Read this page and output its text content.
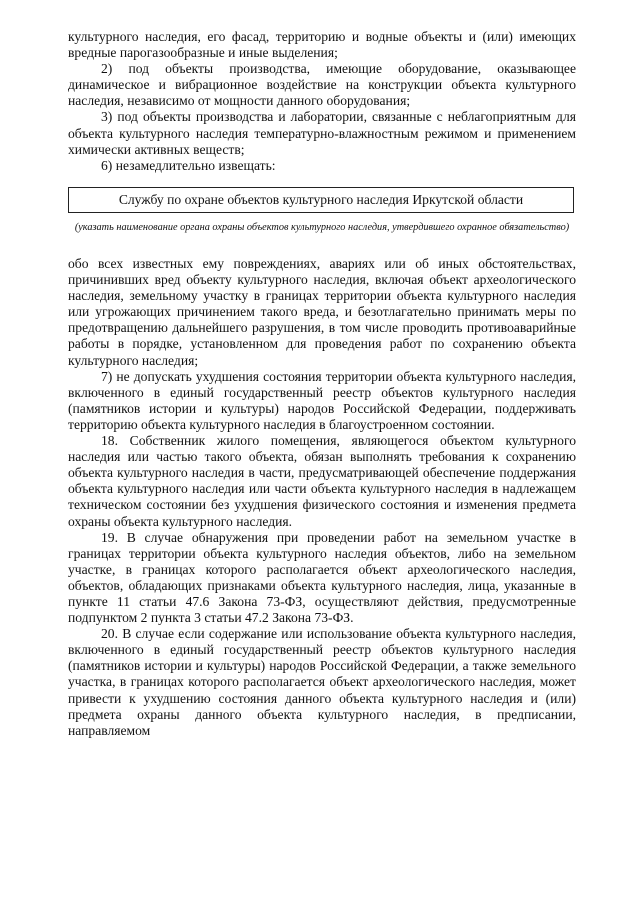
культурного наследия, его фасад, территорию и водные объекты и (или) имеющих вредные парогазообразные и иные выделения;

2) под объекты производства, имеющие оборудование, оказывающее динамическое и вибрационное воздействие на конструкции объекта культурного наследия, независимо от мощности данного оборудования;

3) под объекты производства и лаборатории, связанные с неблагоприятным для объекта культурного наследия температурно-влажностным режимом и применением химически активных веществ;

6) незамедлительно извещать:

Службу по охране объектов культурного наследия Иркутской области
(указать наименование органа охраны объектов культурного наследия, утвердившего охранное обязательство)

обо всех известных ему повреждениях, авариях или об иных обстоятельствах, причинивших вред объекту культурного наследия, включая объект археологического наследия, земельному участку в границах территории объекта культурного наследия или угрожающих причинением такого вреда, и безотлагательно принимать меры по предотвращению дальнейшего разрушения, в том числе проводить противоаварийные работы в порядке, установленном для проведения работ по сохранению объекта культурного наследия;

7) не допускать ухудшения состояния территории объекта культурного наследия, включенного в единый государственный реестр объектов культурного наследия (памятников истории и культуры) народов Российской Федерации, поддерживать территорию объекта культурного наследия в благоустроенном состоянии.

18. Собственник жилого помещения, являющегося объектом культурного наследия или частью такого объекта, обязан выполнять требования к сохранению объекта культурного наследия в части, предусматривающей обеспечение поддержания объекта культурного наследия или части объекта культурного наследия в надлежащем техническом состоянии без ухудшения физического состояния и изменения предмета охраны объекта культурного наследия.

19. В случае обнаружения при проведении работ на земельном участке в границах территории объекта культурного наследия объектов, либо на земельном участке, в границах которого располагается объект археологического наследия, объектов, обладающих признаками объекта культурного наследия, лица, указанные в пункте 11 статьи 47.6 Закона 73-ФЗ, осуществляют действия, предусмотренные подпунктом 2 пункта 3 статьи 47.2 Закона 73-ФЗ.

20. В случае если содержание или использование объекта культурного наследия, включенного в единый государственный реестр объектов культурного наследия (памятников истории и культуры) народов Российской Федерации, а также земельного участка, в границах которого располагается объект археологического наследия, может привести к ухудшению состояния данного объекта культурного наследия и (или) предмета охраны данного объекта культурного наследия, в предписании, направляемом
